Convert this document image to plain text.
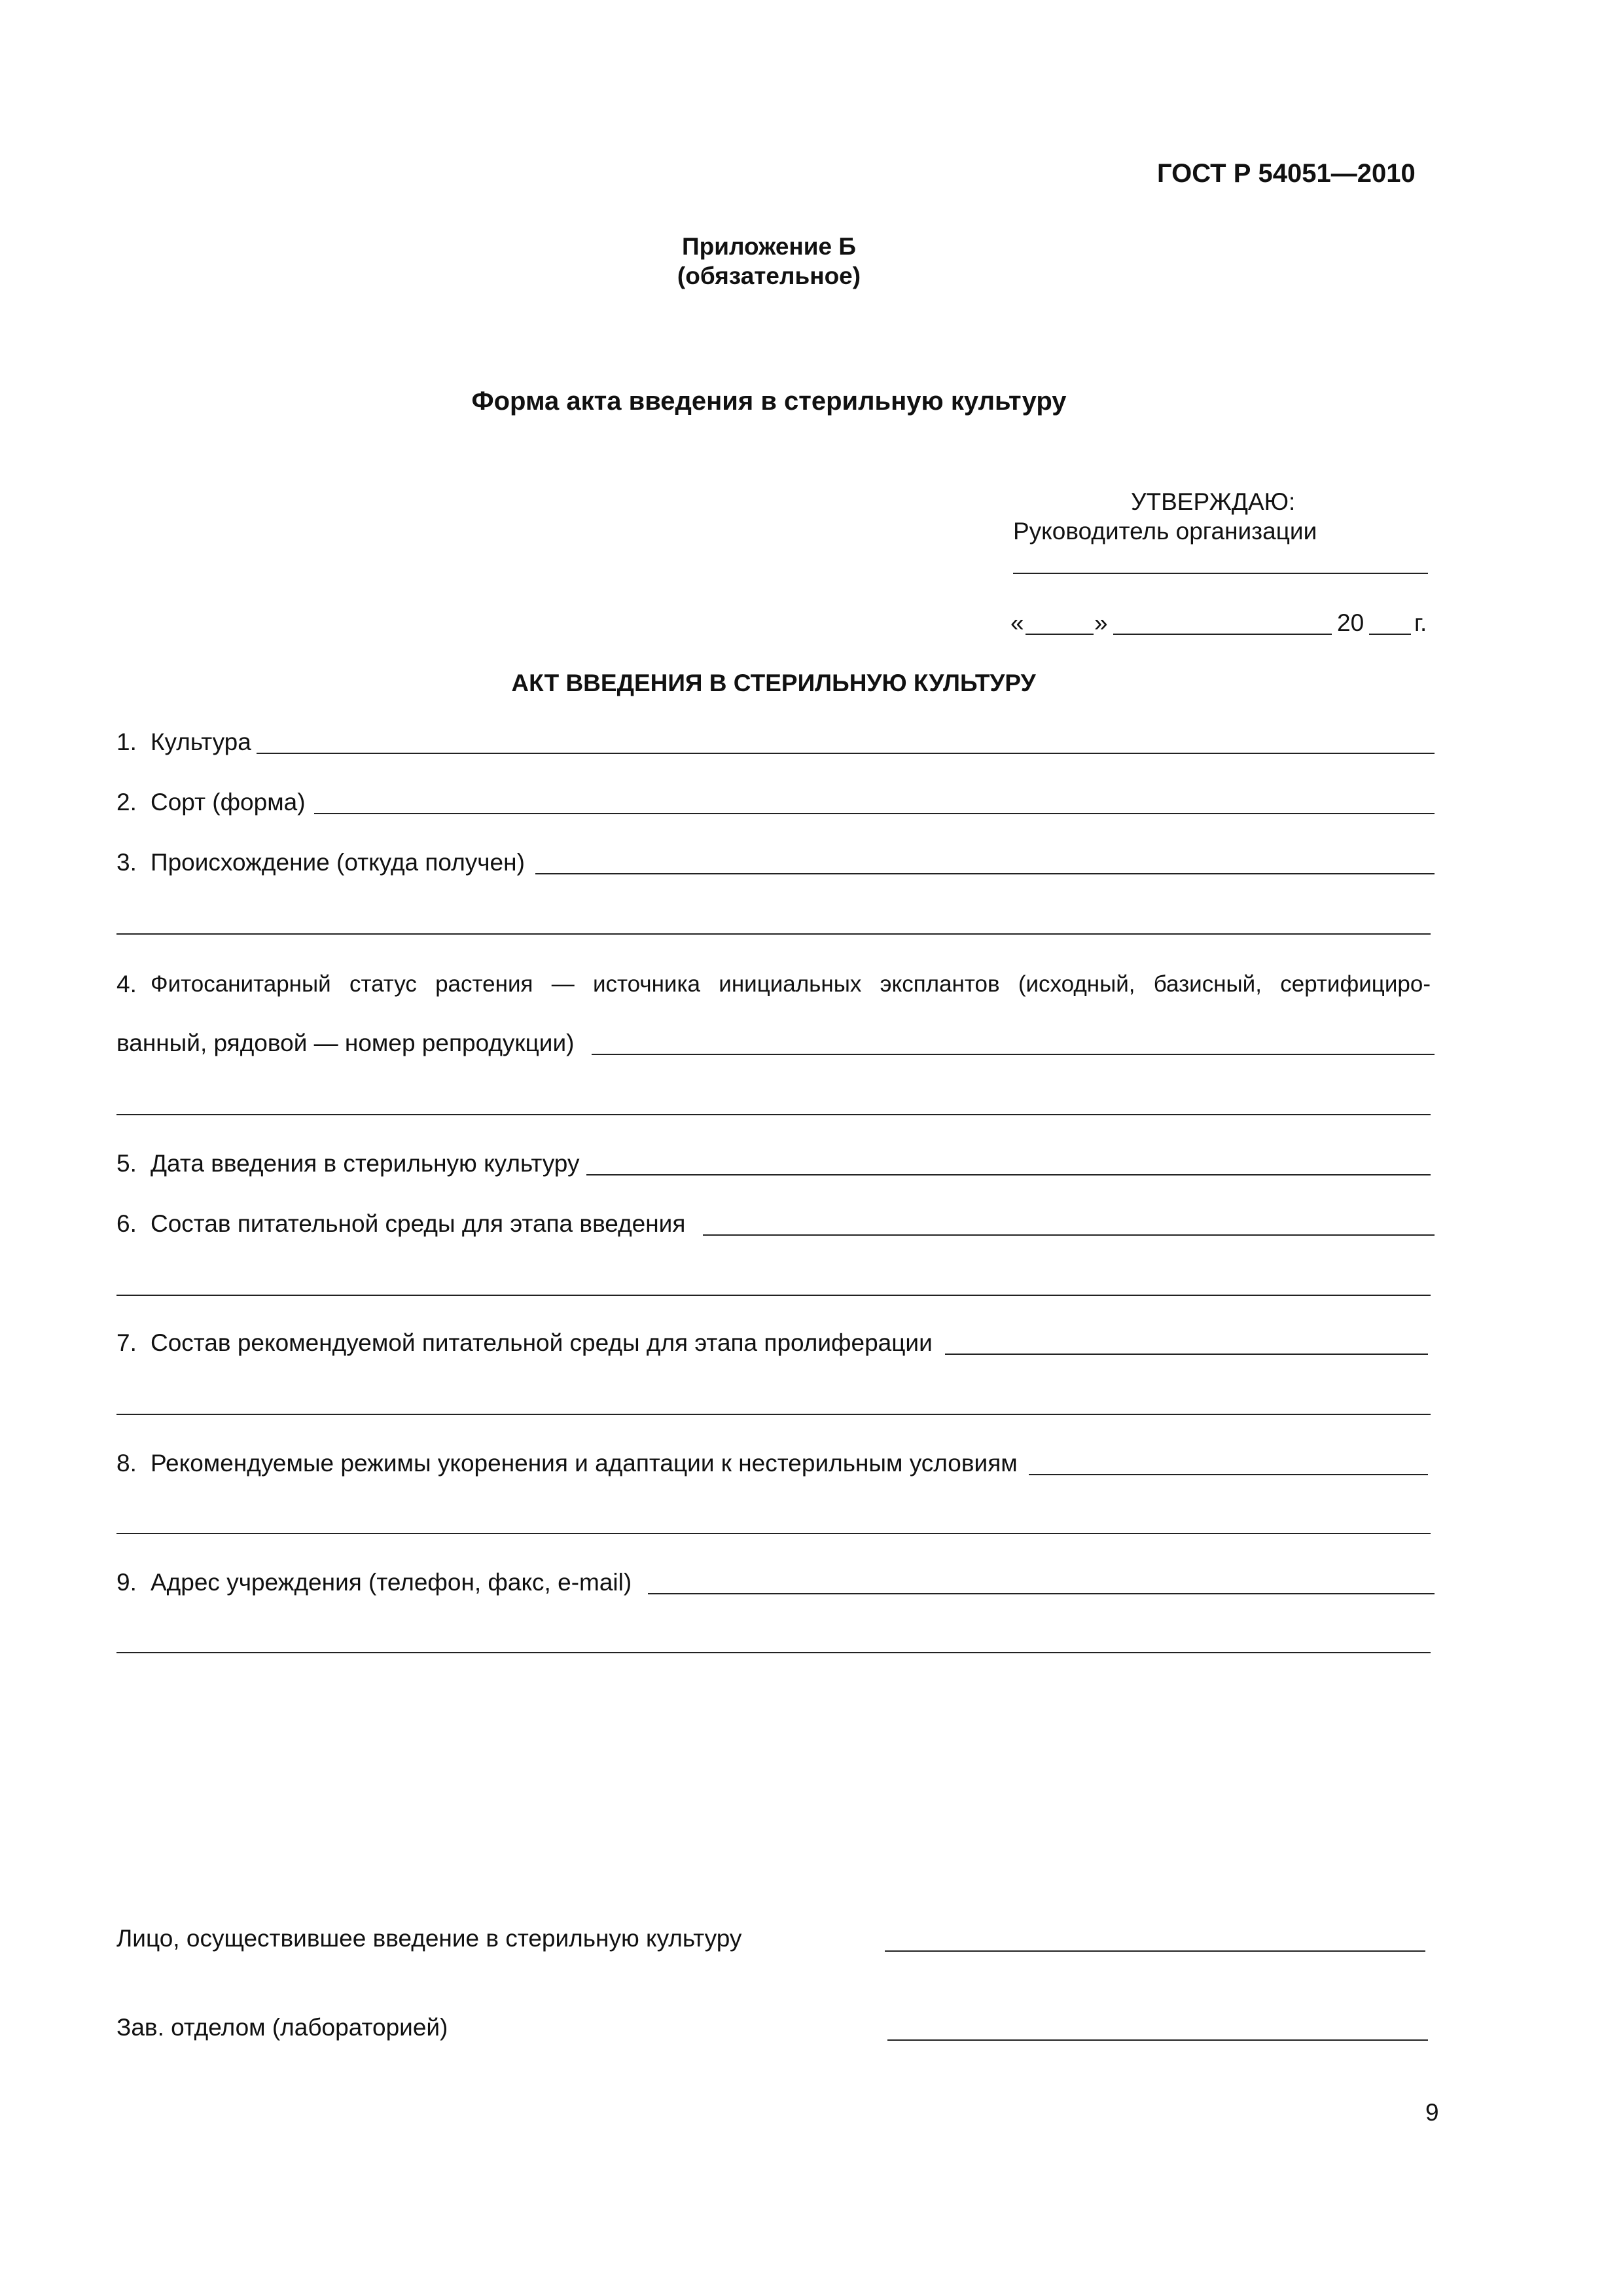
ГОСТ Р 54051—2010
Приложение Б
(обязательное)
Форма акта введения в стерильную культуру
УТВЕРЖДАЮ:
Руководитель организации
«	»	20 г.
АКТ ВВЕДЕНИЯ В СТЕРИЛЬНУЮ КУЛЬТУРУ
1. Культура
2. Сорт (форма)
3. Происхождение (откуда получен)
4. Фитосанитарный статус растения — источника инициальных эксплантов (исходный, базисный, сертифициро-
ванный, рядовой — номер репродукции)
5. Дата введения в стерильную культуру
6. Состав питательной среды для этапа введения
7. Состав рекомендуемой питательной среды для этапа пролиферации
8. Рекомендуемые режимы укоренения и адаптации к нестерильным условиям
9. Адрес учреждения (телефон, факс, e-mail)
Лицо, осуществившее введение в стерильную культуру
Зав. отделом (лабораторией)
9
